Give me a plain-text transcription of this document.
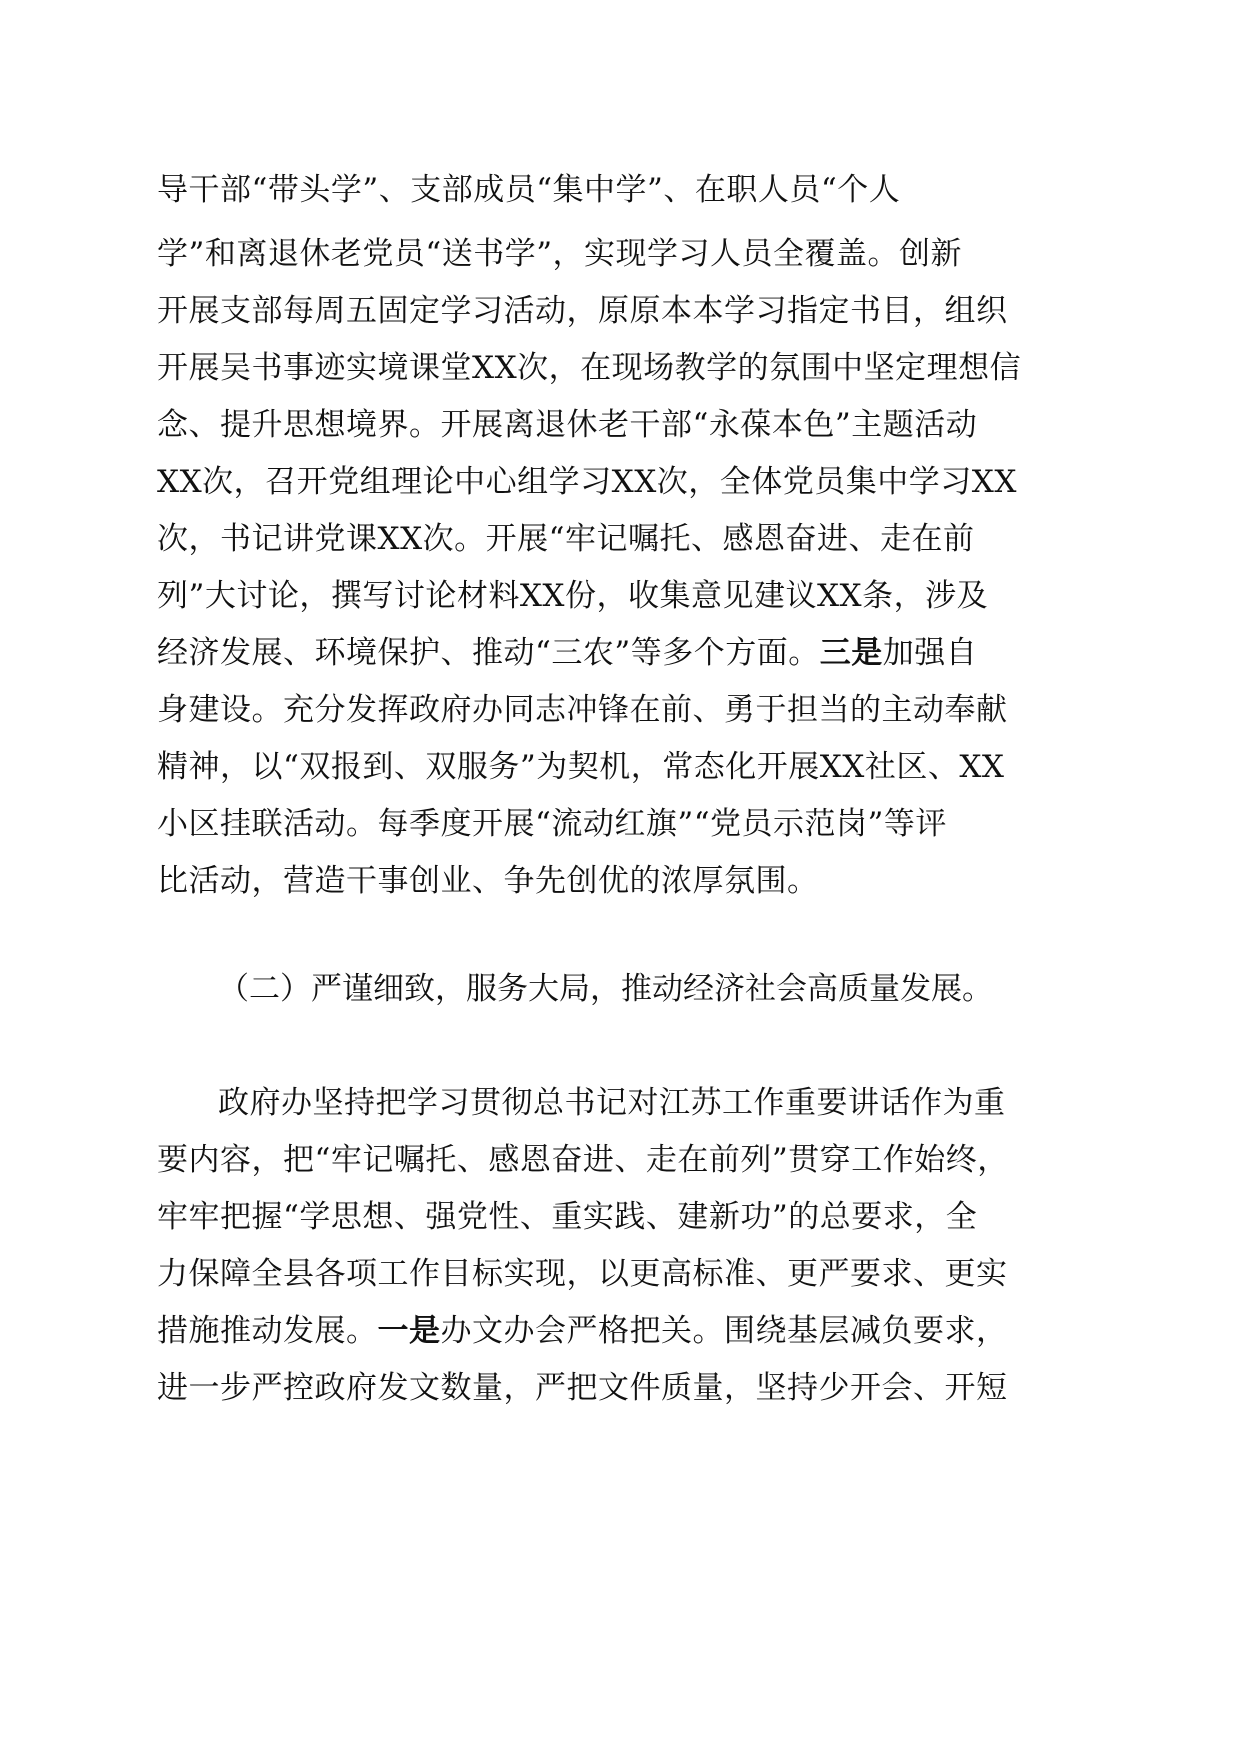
导干部“带头学”、支部成员“集中学”、在职人员“个人
学”和离退休老党员“送书学”，实现学习人员全覆盖。创新
开展支部每周五固定学习活动，原原本本学习指定书目，组织
开展吴书事迹实境课堂XX次，在现场教学的氛围中坚定理想信
念、提升思想境界。开展离退休老干部“永葆本色”主题活动
XX次，召开党组理论中心组学习XX次，全体党员集中学习XX
次，书记讲党课XX次。开展“牢记嘱托、感恩奋进、走在前
列”大讨论，撰写讨论材料XX份，收集意见建议XX条，涉及
经济发展、环境保护、推动“三农”等多个方面。三是加强自
身建设。充分发挥政府办同志冲锋在前、勇于担当的主动奉献
精神，以“双报到、双服务”为契机，常态化开展XX社区、XX
小区挂联活动。每季度开展“流动红旗”“党员示范岗”等评
比活动，营造干事创业、争先创优的浓厚氛围。
（二）严谨细致，服务大局，推动经济社会高质量发展。
政府办坚持把学习贯彻总书记对江苏工作重要讲话作为重
要内容，把“牢记嘱托、感恩奋进、走在前列”贯穿工作始终，
牢牢把握“学思想、强党性、重实践、建新功”的总要求，全
力保障全县各项工作目标实现，以更高标准、更严要求、更实
措施推动发展。一是办文办会严格把关。围绕基层减负要求，
进一步严控政府发文数量，严把文件质量，坚持少开会、开短
